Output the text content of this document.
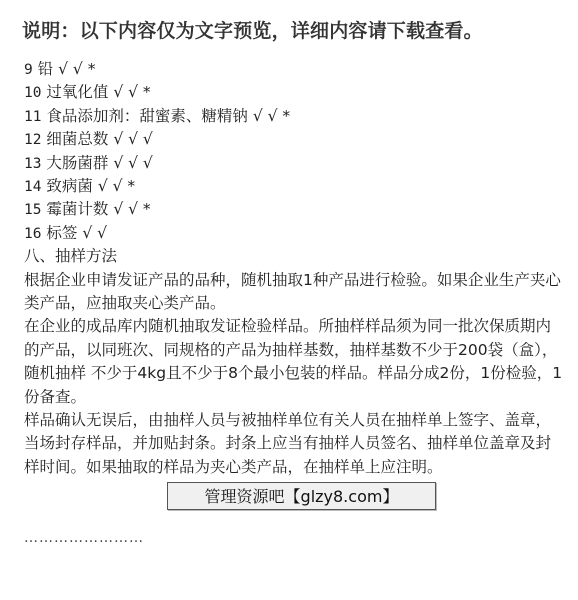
说明：以下内容仅为文字预览，详细内容请下载查看。
9 铅 √ √ *
10 过氧化值 √ √ *
11 食品添加剂：甜蜜素、糖精钠 √ √ *
12 细菌总数 √ √ √
13 大肠菌群 √ √ √
14 致病菌 √ √ *
15 霉菌计数 √ √ *
16 标签 √ √
八、抽样方法
根据企业申请发证产品的品种，随机抽取1种产品进行检验。如果企业生产夹心类产品，应抽取夹心类产品。
在企业的成品库内随机抽取发证检验样品。所抽样样品须为同一批次保质期内的产品，以同班次、同规格的产品为抽样基数，抽样基数不少于200袋（盒），随机抽样 不少于4kg且不少于8个最小包装的样品。样品分成2份，1份检验，1份备查。
样品确认无误后，由抽样人员与被抽样单位有关人员在抽样单上签字、盖章，当场封存样品，并加贴封条。封条上应当有抽样人员签名、抽样单位盖章及封样时间。如果抽取的样品为夹心类产品，在抽样单上应注明。
……………………
管理资源吧【glzy8.com】
